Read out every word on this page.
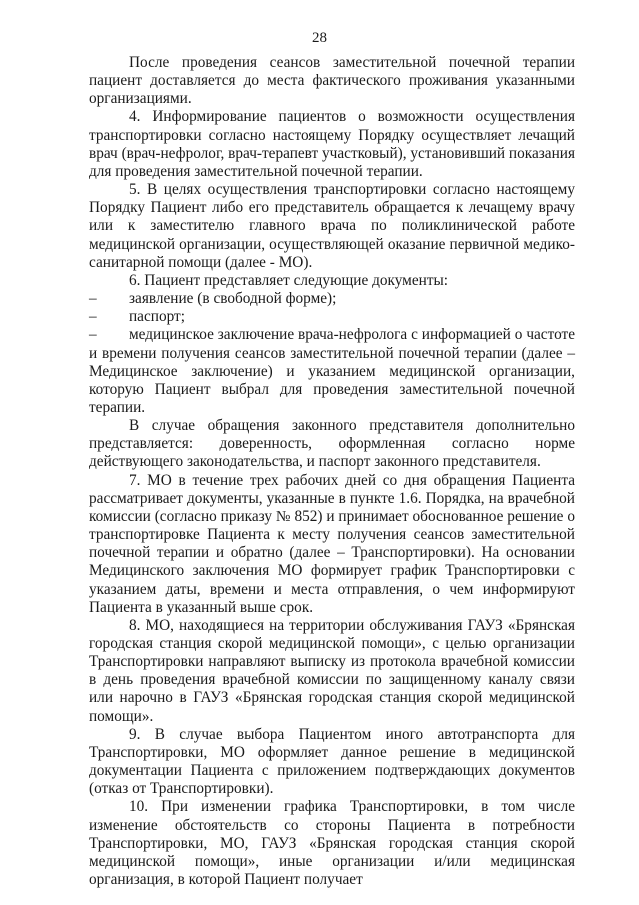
28

После проведения сеансов заместительной почечной терапии пациент доставляется до места фактического проживания указанными организациями.

4. Информирование пациентов о возможности осуществления транспортировки согласно настоящему Порядку осуществляет лечащий врач (врач-нефролог, врач-терапевт участковый), установивший показания для проведения заместительной почечной терапии.

5. В целях осуществления транспортировки согласно настоящему Порядку Пациент либо его представитель обращается к лечащему врачу или к заместителю главного врача по поликлинической работе медицинской организации, осуществляющей оказание первичной медико-санитарной помощи (далее - МО).

6. Пациент представляет следующие документы:

–	заявление (в свободной форме);
–	паспорт;

– медицинское заключение врача-нефролога с информацией о частоте и времени получения сеансов заместительной почечной терапии (далее – Медицинское заключение) и указанием медицинской организации, которую Пациент выбрал для проведения заместительной почечной терапии.

В случае обращения законного представителя дополнительно представляется: доверенность, оформленная согласно норме действующего законодательства, и паспорт законного представителя.

7. МО в течение трех рабочих дней со дня обращения Пациента рассматривает документы, указанные в пункте 1.6. Порядка, на врачебной комиссии (согласно приказу № 852) и принимает обоснованное решение о транспортировке Пациента к месту получения сеансов заместительной почечной терапии и обратно (далее – Транспортировки). На основании Медицинского заключения МО формирует график Транспортировки с указанием даты, времени и места отправления, о чем информируют Пациента в указанный выше срок.

8. МО, находящиеся на территории обслуживания ГАУЗ «Брянская городская станция скорой медицинской помощи», с целью организации Транспортировки направляют выписку из протокола врачебной комиссии в день проведения врачебной комиссии по защищенному каналу связи или нарочно в ГАУЗ «Брянская городская станция скорой медицинской помощи».

9. В случае выбора Пациентом иного автотранспорта для Транспортировки, МО оформляет данное решение в медицинской документации Пациента с приложением подтверждающих документов (отказ от Транспортировки).

10. При изменении графика Транспортировки, в том числе изменение обстоятельств со стороны Пациента в потребности Транспортировки, МО, ГАУЗ «Брянская городская станция скорой медицинской помощи», иные организации и/или медицинская организация, в которой Пациент получает
